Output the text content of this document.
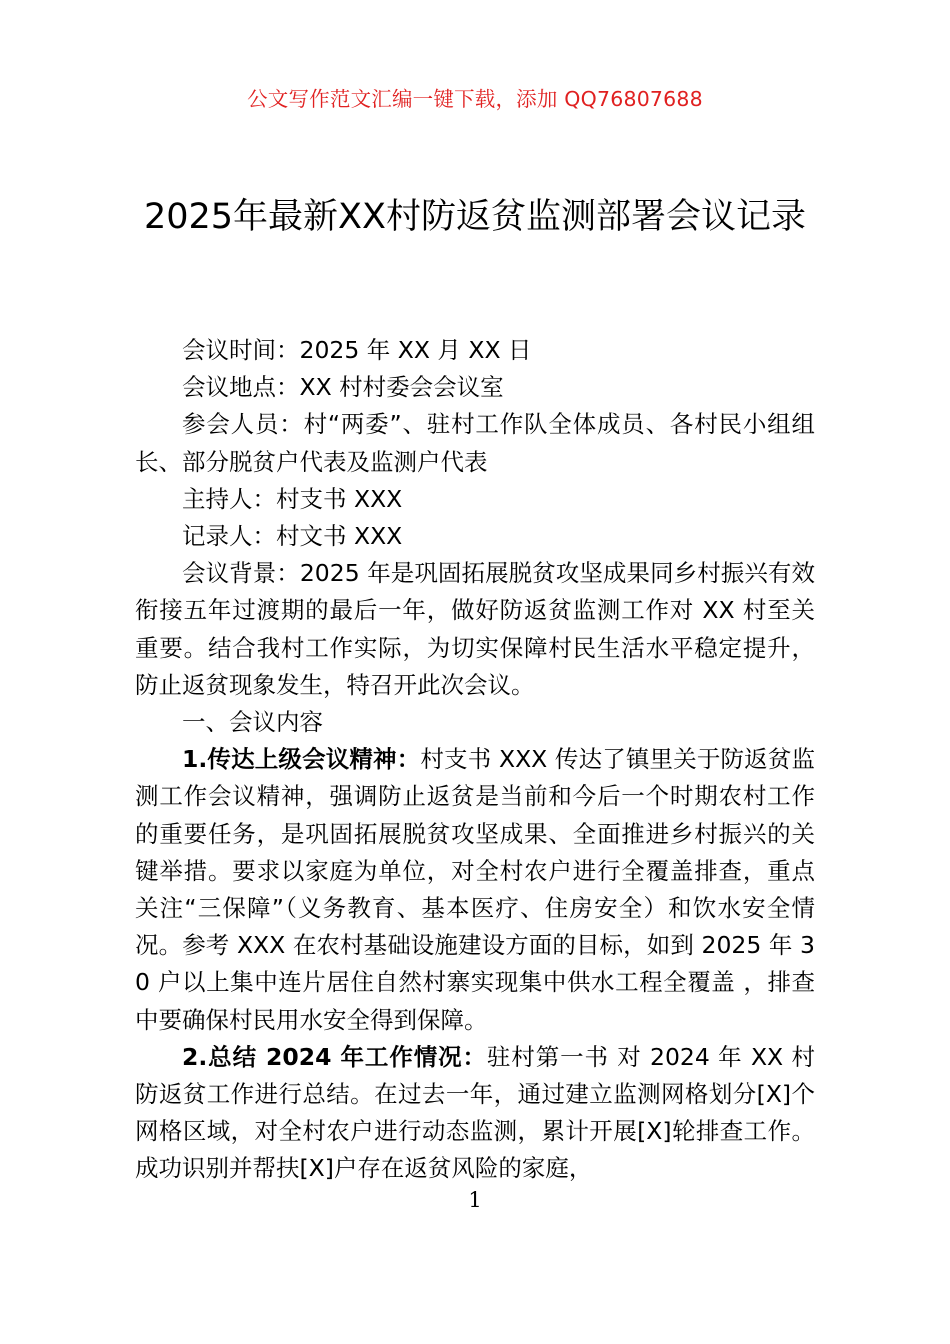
公文写作范文汇编一键下载，添加 QQ76807688
2025年最新XX村防返贫监测部署会议记录

会议时间：2025 年 XX 月 XX 日

会议地点：XX 村村委会会议室

参会人员：村“两委”、驻村工作队全体成员、各村民小组组长、部分脱贫户代表及监测户代表

主持人：村支书 XXX

记录人：村文书 XXX

会议背景：2025 年是巩固拓展脱贫攻坚成果同乡村振兴有效衔接五年过渡期的最后一年，做好防返贫监测工作对 XX 村至关重要。结合我村工作实际，为切实保障村民生活水平稳定提升，防止返贫现象发生，特召开此次会议。

一、会议内容

1.传达上级会议精神：村支书 XXX 传达了镇里关于防返贫监测工作会议精神，强调防止返贫是当前和今后一个时期农村工作的重要任务，是巩固拓展脱贫攻坚成果、全面推进乡村振兴的关键举措。要求以家庭为单位，对全村农户进行全覆盖排查，重点关注“三保障”（义务教育、基本医疗、住房安全）和饮水安全情况。参考 XXX 在农村基础设施建设方面的目标，如到 2025 年 30 户以上集中连片居住自然村寨实现集中供水工程全覆盖 ，排查中要确保村民用水安全得到保障。

2.总结 2024 年工作情况：驻村第一书 对 2024 年 XX 村防返贫工作进行总结。在过去一年，通过建立监测网格划分[X]个网格区域，对全村农户进行动态监测，累计开展[X]轮排查工作。成功识别并帮扶[X]户存在返贫风险的家庭，

1
